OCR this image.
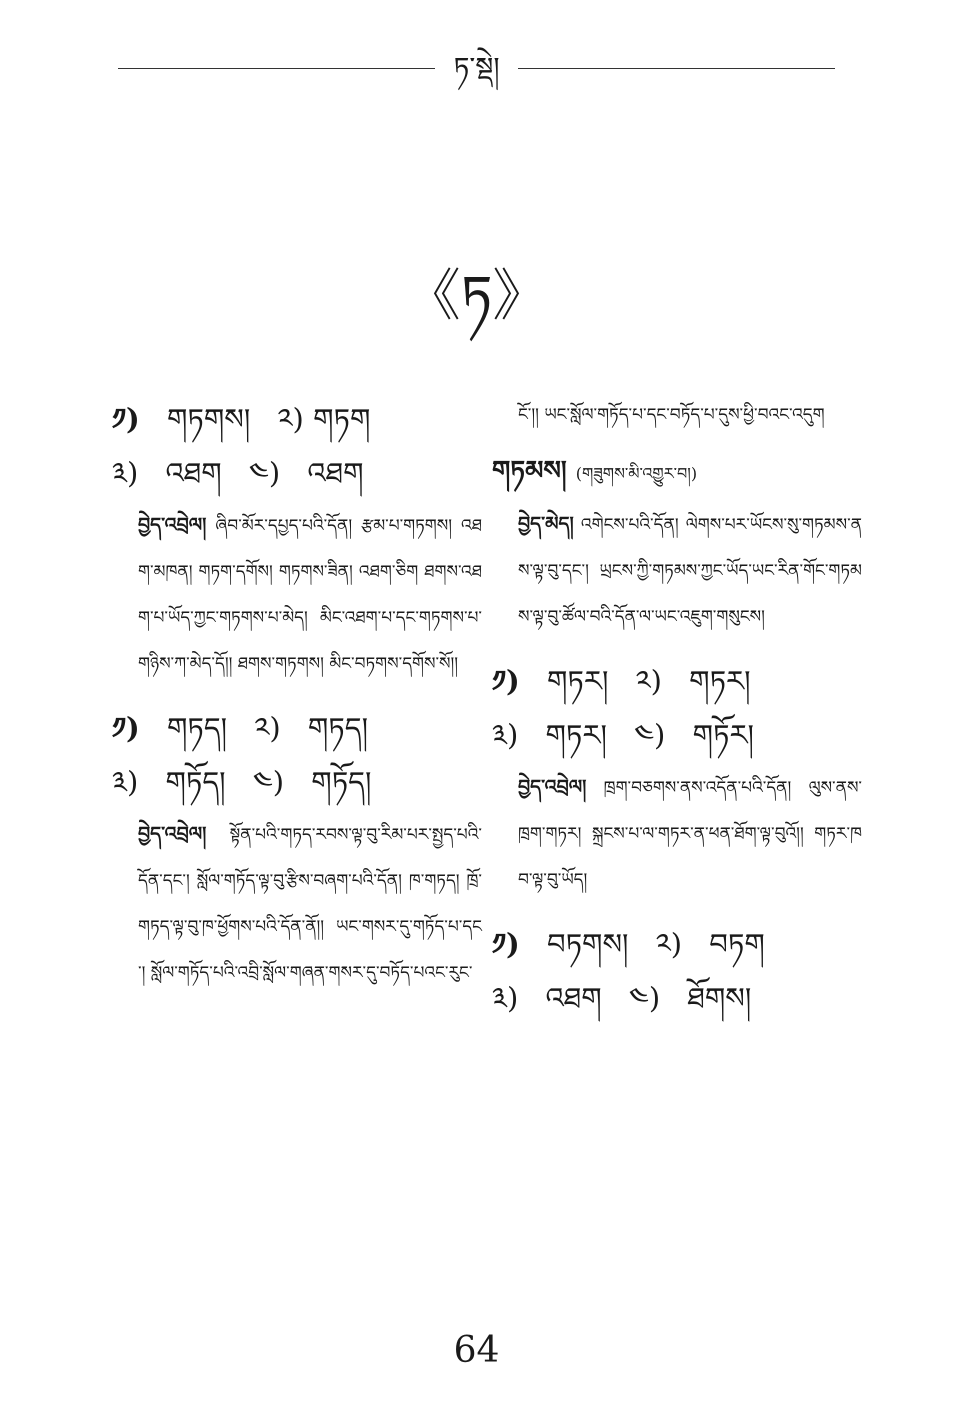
ཏ་སྡེ།
《ཏ》
༡) གཏགས། ༢) གཏག
༣) འཐག ༤) འཐག

བྱེད་འབྲེལ། ཞིབ་མོར་དཔྱད་པའི་དོན། རྩམ་པ་གཏགས། འཐག་མཁན། གཏག་དགོས། གཏགས་ཟིན། འཐག་ཅིག ཐགས་འཐག་པ་ཡོད་ཀྱང་གཏགས་པ་མེད། མིང་འཐག་པ་དང་གཏགས་པ་གཉིས་ཀ་མེད་དོ།། ཐགས་གཏགས། མིང་བཏགས་དགོས་སོ།།

༡) གཏད། ༢) གཏད།
༣) གཏོད། ༤) གཏོད།

བྱེད་འབྲེལ། སྟོན་པའི་གཏད་རབས་ལྟ་བུ་རིམ་པར་སྤྱད་པའི་དོན་དང་། སློལ་གཏོད་ལྟ་བུ་རྩིས་བཞག་པའི་དོན། ཁ་གཏད། ཁྲོ་གཏད་ལྟ་བུ་ཁ་ཕྱོགས་པའི་དོན་ནོ།། ཡང་གསར་དུ་གཏོད་པ་དང་། སློལ་གཏོད་པའི་འབྲི་སློལ་གཞན་གསར་དུ་བཏོད་པའང་རུང་

ངོ་།། ཡང་སློལ་གཏོད་པ་དང་བཏོད་པ་དུས་ཕྱི་བའང་འདུག

གཏམས། (གཟུགས་མི་འགྱུར་བ།)

བྱེད་མེད། འགེངས་པའི་དོན། ལེགས་པར་ཡོངས་སུ་གཏམས་ནས་ལྟ་བུ་དང་། ཡྲངས་ཀྱི་གཏམས་ཀྱང་ཡོད་ཡང་རིན་གོང་གཏམས་ལྟ་བུ་ཚོལ་བའི་དོན་ལ་ཡང་འཇུག་གསུངས།

༡) གཏར། ༢) གཏར།
༣) གཏར། ༤) གཏོར།

བྱེད་འབྲེལ། ཁྲག་བཅགས་ནས་འདོན་པའི་དོན། ལུས་ནས་ཁྲག་གཏར། སྐྲངས་པ་ལ་གཏར་ན་ཕན་ཐོག་ལྟ་བུའོ།། གཏར་ཁབ་ལྟ་བུ་ཡོད།

༡) བཏགས། ༢) བཏག
༣) འཐག ༤) ཐོགས།
64
